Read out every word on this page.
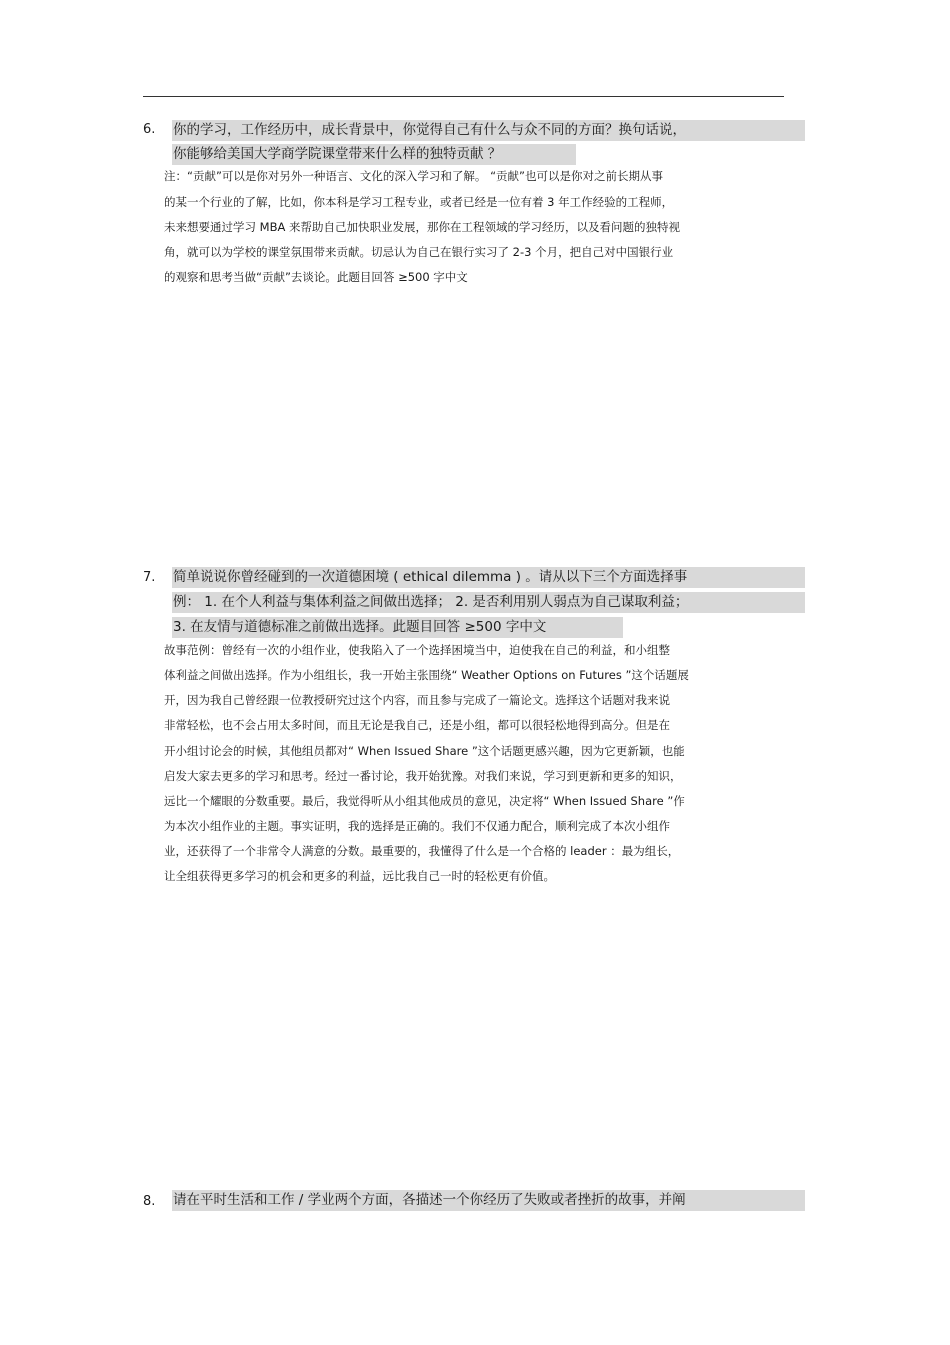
6. 你的学习，工作经历中，成长背景中，你觉得自己有什么与众不同的方面？换句话说，
你能够给美国大学商学院课堂带来什么样的独特贡献 ？
注：“贡献”可以是你对另外一种语言、文化的深入学习和了解。 “贡献”也可以是你对之前长期从事
的某一个行业的了解，比如，你本科是学习工程专业，或者已经是一位有着 3 年工作经验的工程师，
未来想要通过学习 MBA 来帮助自己加快职业发展，那你在工程领域的学习经历，以及看问题的独特视
角，就可以为学校的课堂氛围带来贡献。切忌认为自己在银行实习了 2-3 个月，把自己对中国银行业
的观察和思考当做“贡献”去谈论。此题目回答 ≥500 字中文
7. 简单说说你曾经碰到的一次道德困境 ( ethical dilemma ) 。请从以下三个方面选择事
例： 1. 在个人利益与集体利益之间做出选择； 2. 是否利用别人弱点为自己谋取利益；
3. 在友情与道德标准之前做出选择。此题目回答 ≥500 字中文
故事范例：曾经有一次的小组作业，使我陷入了一个选择困境当中，迫使我在自己的利益，和小组整
体利益之间做出选择。作为小组组长，我一开始主张围绕“ Weather Options on Futures ”这个话题展
开，因为我自己曾经跟一位教授研究过这个内容，而且参与完成了一篇论文。选择这个话题对我来说
非常轻松，也不会占用太多时间，而且无论是我自己，还是小组，都可以很轻松地得到高分。但是在
开小组讨论会的时候，其他组员都对“ When Issued Share ”这个话题更感兴趣，因为它更新颖，也能
启发大家去更多的学习和思考。经过一番讨论，我开始犹豫。对我们来说，学习到更新和更多的知识，
远比一个耀眼的分数重要。最后，我觉得听从小组其他成员的意见，决定将“ When Issued Share ”作
为本次小组作业的主题。事实证明，我的选择是正确的。我们不仅通力配合，顺利完成了本次小组作
业，还获得了一个非常令人满意的分数。最重要的，我懂得了什么是一个合格的 leader ：最为组长，
让全组获得更多学习的机会和更多的利益，远比我自己一时的轻松更有价值。
8. 请在平时生活和工作 / 学业两个方面，各描述一个你经历了失败或者挫折的故事，并阐
